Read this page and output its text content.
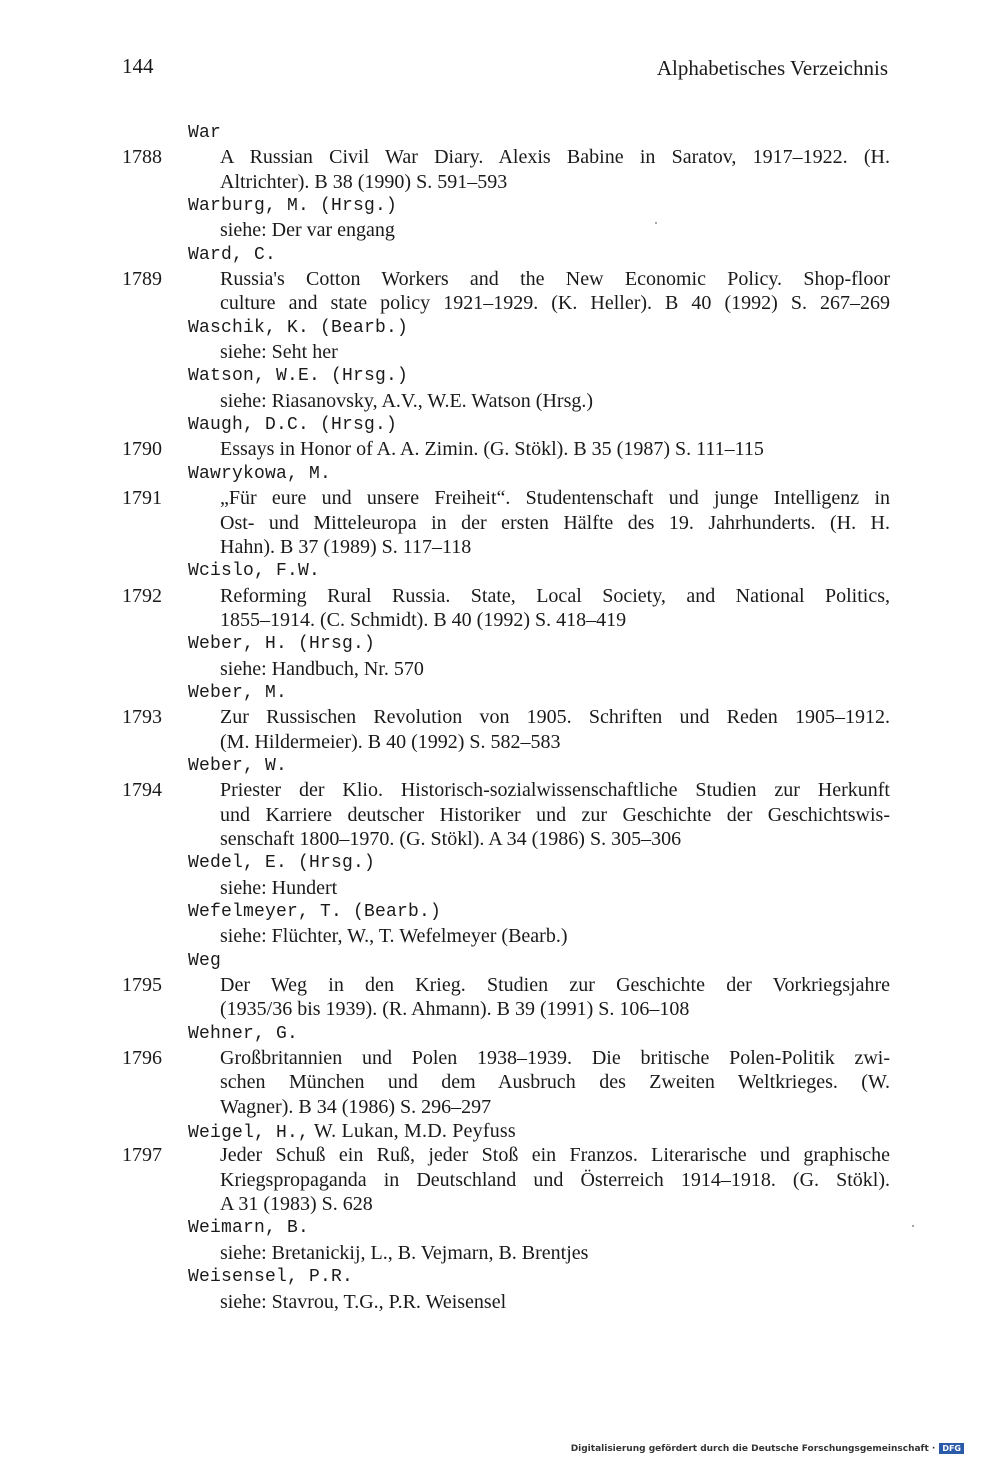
144	Alphabetisches Verzeichnis
War
1788	A Russian Civil War Diary. Alexis Babine in Saratov, 1917–1922. (H.
Altrichter). B 38 (1990) S. 591–593
Warburg, M. (Hrsg.)
siehe: Der var engang
Ward, C.
1789	Russia's Cotton Workers and the New Economic Policy. Shop-floor
culture and state policy 1921–1929. (K. Heller). B 40 (1992) S. 267–269
Waschik, K. (Bearb.)
siehe: Seht her
Watson, W.E. (Hrsg.)
siehe: Riasanovsky, A.V., W.E. Watson (Hrsg.)
Waugh, D.C. (Hrsg.)
1790	Essays in Honor of A. A. Zimin. (G. Stökl). B 35 (1987) S. 111–115
Wawrykowa, M.
1791	„Für eure und unsere Freiheit“. Studentenschaft und junge Intelligenz in
Ost- und Mitteleuropa in der ersten Hälfte des 19. Jahrhunderts. (H. H.
Hahn). B 37 (1989) S. 117–118
Wcislo, F.W.
1792	Reforming Rural Russia. State, Local Society, and National Politics,
1855–1914. (C. Schmidt). B 40 (1992) S. 418–419
Weber, H. (Hrsg.)
siehe: Handbuch, Nr. 570
Weber, M.
1793	Zur Russischen Revolution von 1905. Schriften und Reden 1905–1912.
(M. Hildermeier). B 40 (1992) S. 582–583
Weber, W.
1794	Priester der Klio. Historisch-sozialwissenschaftliche Studien zur Herkunft
und Karriere deutscher Historiker und zur Geschichte der Geschichtswis-
senschaft 1800–1970. (G. Stökl). A 34 (1986) S. 305–306
Wedel, E. (Hrsg.)
siehe: Hundert
Wefelmeyer, T. (Bearb.)
siehe: Flüchter, W., T. Wefelmeyer (Bearb.)
Weg
1795	Der Weg in den Krieg. Studien zur Geschichte der Vorkriegsjahre
(1935/36 bis 1939). (R. Ahmann). B 39 (1991) S. 106–108
Wehner, G.
1796	Großbritannien und Polen 1938–1939. Die britische Polen-Politik zwi-
schen München und dem Ausbruch des Zweiten Weltkrieges. (W.
Wagner). B 34 (1986) S. 296–297
Weigel, H., W. Lukan, M.D. Peyfuss
1797	Jeder Schuß ein Ruß, jeder Stoß ein Franzos. Literarische und graphische
Kriegspropaganda in Deutschland und Österreich 1914–1918. (G. Stökl).
A 31 (1983) S. 628
Weimarn, B.
siehe: Bretanickij, L., B. Vejmarn, B. Brentjes
Weisensel, P.R.
siehe: Stavrou, T.G., P.R. Weisensel
Digitalisierung gefördert durch die Deutsche Forschungsgemeinschaft · DFG
